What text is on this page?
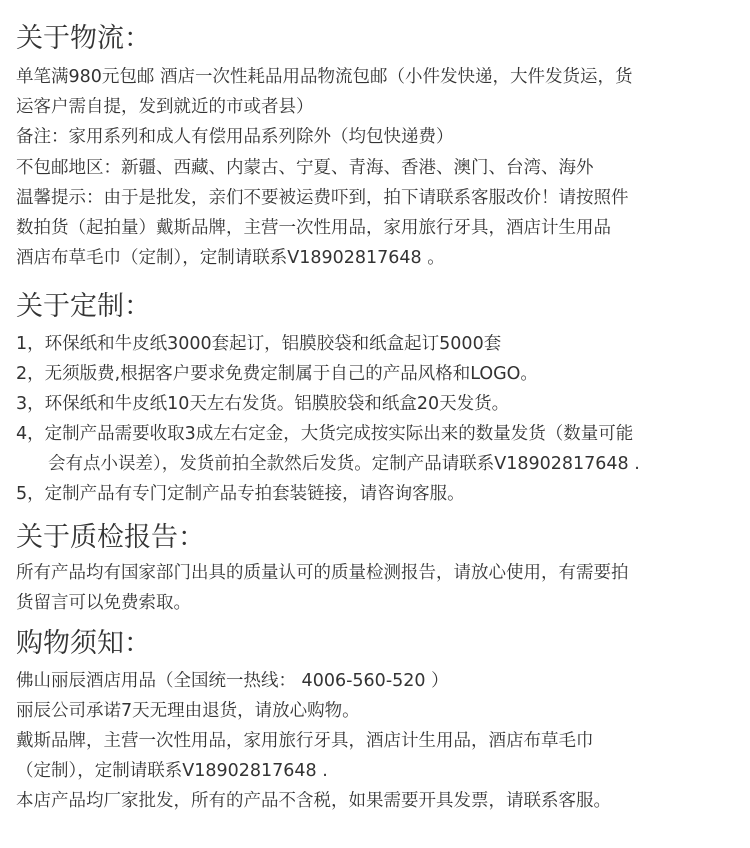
关于物流：
单笔满980元包邮 酒店一次性耗品用品物流包邮（小件发快递，大件发货运，货
运客户需自提，发到就近的市或者县）
备注：家用系列和成人有偿用品系列除外（均包快递费）
不包邮地区：新疆、西藏、内蒙古、宁夏、青海、香港、澳门、台湾、海外
温馨提示：由于是批发，亲们不要被运费吓到，拍下请联系客服改价！请按照件
数拍货（起拍量）戴斯品牌，主营一次性用品，家用旅行牙具，酒店计生用品
酒店布草毛巾（定制），定制请联系V18902817648 。
关于定制：
1，环保纸和牛皮纸3000套起订，铝膜胶袋和纸盒起订5000套
2，无须版费,根据客户要求免费定制属于自己的产品风格和LOGO。
3，环保纸和牛皮纸10天左右发货。铝膜胶袋和纸盒20天发货。
4，定制产品需要收取3成左右定金，大货完成按实际出来的数量发货（数量可能
会有点小误差），发货前拍全款然后发货。定制产品请联系V18902817648 .
5，定制产品有专门定制产品专拍套装链接，请咨询客服。
关于质检报告：
所有产品均有国家部门出具的质量认可的质量检测报告，请放心使用，有需要拍
货留言可以免费索取。
购物须知：
佛山丽辰酒店用品（全国统一热线： 4006-560-520 ）
丽辰公司承诺7天无理由退货，请放心购物。
戴斯品牌，主营一次性用品，家用旅行牙具，酒店计生用品，酒店布草毛巾
（定制），定制请联系V18902817648 .
本店产品均厂家批发，所有的产品不含税，如果需要开具发票，请联系客服。
